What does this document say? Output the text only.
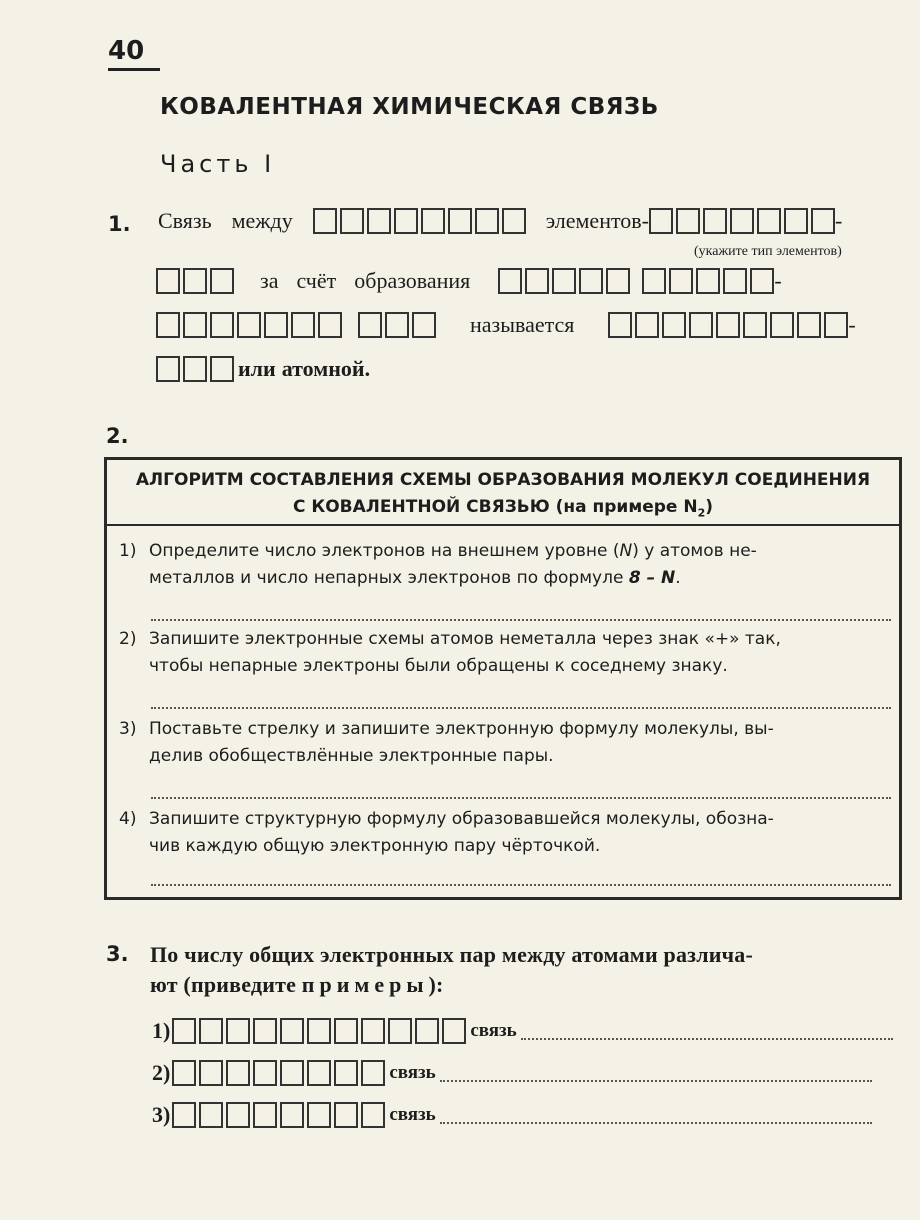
40
КОВАЛЕНТНАЯ ХИМИЧЕСКАЯ СВЯЗЬ
Часть I
1. Связь между	элементов-	-
(укажите тип элементов)
за счёт образования	-
называется	-
или атомной.
2.
АЛГОРИТМ СОСТАВЛЕНИЯ СХЕМЫ ОБРАЗОВАНИЯ МОЛЕКУЛ СОЕДИНЕНИЯ
С КОВАЛЕНТНОЙ СВЯЗЬЮ (на примере $N_2$)
1) Определите число электронов на внешнем уровне (N) у атомов не-
металлов и число непарных электронов по формуле 8 – N.
2) Запишите электронные схемы атомов неметалла через знак «+» так,
чтобы непарные электроны были обращены к соседнему знаку.
3) Поставьте стрелку и запишите электронную формулу молекулы, вы-
делив обобществлённые электронные пары.
4) Запишите структурную формулу образовавшейся молекулы, обозна-
чив каждую общую электронную пару чёрточкой.
3. По числу общих электронных пар между атомами различа-
ют (приведите примеры):
1)	связь
2)	связь
3)	связь
